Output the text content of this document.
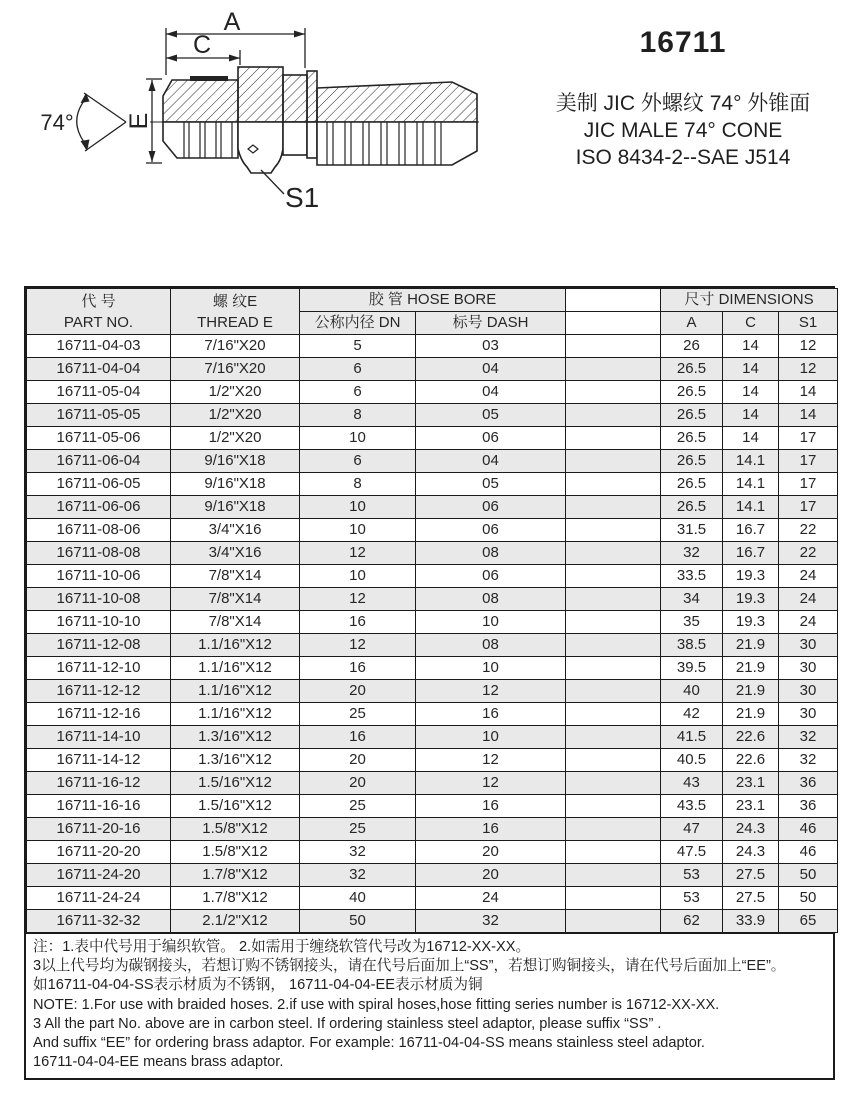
A
C
E
74°
S1
16711
美制 JIC 外螺纹 74° 外锥面
JIC MALE 74° CONE
ISO 8434-2--SAE J514
代 号
PART NO.

螺 纹E
THREAD E
	胶 管 HOSE BORE		尺寸 DIMENSIONS
		公称内径 DN	标号 DASH		A	C	S1
16711-04-03	7/16"X20	5	03		26	14	12
16711-04-04	7/16"X20	6	04		26.5	14	12
16711-05-04	1/2"X20	6	04		26.5	14	14
16711-05-05	1/2"X20	8	05		26.5	14	14
16711-05-06	1/2"X20	10	06		26.5	14	17
16711-06-04	9/16"X18	6	04		26.5	14.1	17
16711-06-05	9/16"X18	8	05		26.5	14.1	17
16711-06-06	9/16"X18	10	06		26.5	14.1	17
16711-08-06	3/4"X16	10	06		31.5	16.7	22
16711-08-08	3/4"X16	12	08		32	16.7	22
16711-10-06	7/8"X14	10	06		33.5	19.3	24
16711-10-08	7/8"X14	12	08		34	19.3	24
16711-10-10	7/8"X14	16	10		35	19.3	24
16711-12-08	1.1/16"X12	12	08		38.5	21.9	30
16711-12-10	1.1/16"X12	16	10		39.5	21.9	30
16711-12-12	1.1/16"X12	20	12		40	21.9	30
16711-12-16	1.1/16"X12	25	16		42	21.9	30
16711-14-10	1.3/16"X12	16	10		41.5	22.6	32
16711-14-12	1.3/16"X12	20	12		40.5	22.6	32
16711-16-12	1.5/16"X12	20	12		43	23.1	36
16711-16-16	1.5/16"X12	25	16		43.5	23.1	36
16711-20-16	1.5/8"X12	25	16		47	24.3	46
16711-20-20	1.5/8"X12	32	20		47.5	24.3	46
16711-24-20	1.7/8"X12	32	20		53	27.5	50
16711-24-24	1.7/8"X12	40	24		53	27.5	50
16711-32-32	2.1/2"X12	50	32		62	33.9	65
注：1.表中代号用于编织软管。 2.如需用于缠绕软管代号改为16712-XX-XX。
3以上代号均为碳钢接头，若想订购不锈钢接头，请在代号后面加上“SS”，若想订购铜接头，请在代号后面加上“EE”。
如16711-04-04-SS表示材质为不锈钢， 16711-04-04-EE表示材质为铜
NOTE: 1.For use with braided hoses. 2.if use with spiral hoses,hose fitting series number is 16712-XX-XX.
3 All the part No. above are in carbon steel. If ordering stainless steel adaptor, please suffix “SS” .
And suffix “EE” for ordering brass adaptor. For example: 16711-04-04-SS means stainless steel adaptor.
16711-04-04-EE means brass adaptor.
